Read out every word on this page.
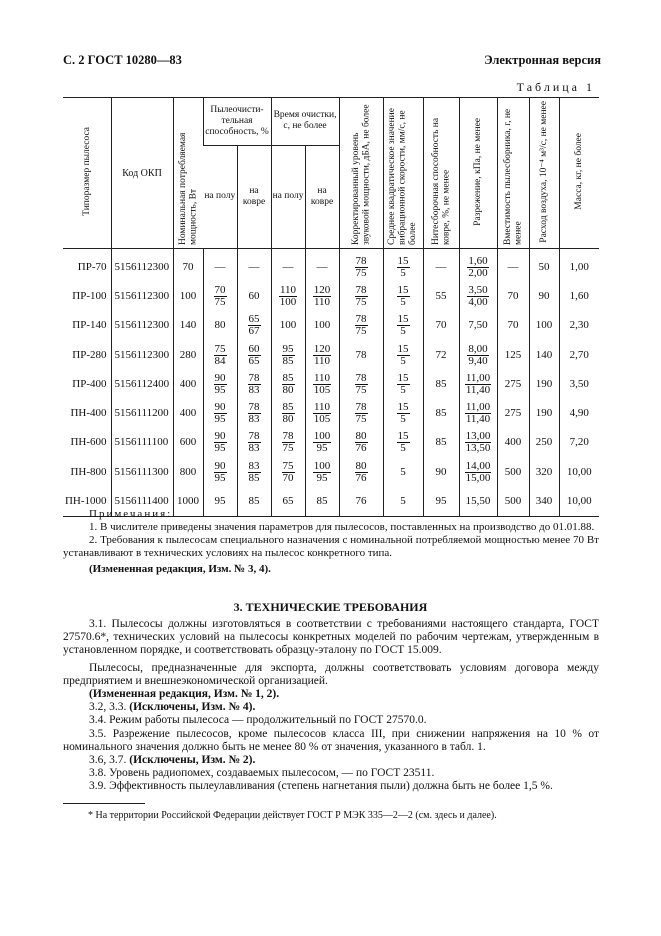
С. 2 ГОСТ 10280—83	Электронная версия
Таблица 1
Типоразмер пылесоса	Код ОКП	Номинальная потребляемая мощность, Вт	Пылеочисти-тельная способность, %		Время очистки, с, не более		Корректированный уровень звуковой мощности, дБА, не более	Среднее квадратическое значение вибрационной скорости, мм/с, не более	Нитесборочная способность на ковре, %, не менее	Разрежение, кПа, не менее	Вместимость пылесборника, г, не менее	Расход воздуха, 10⁻⁴ м³/с, не менее	Масса, кг, не более
			на полу	на ковре	на полу	на ковре							
ПР-70	5156112300	70	—	—	—	—	$\frac{78}{75}$	$\frac{15}{5}$	—	$\frac{1,60}{2,00}$	—	50	1,00
ПР-100	5156112300	100	$\frac{70}{75}$	60	$\frac{110}{100}$	$\frac{120}{110}$	$\frac{78}{75}$	$\frac{15}{5}$	55	$\frac{3,50}{4,00}$	70	90	1,60
ПР-140	5156112300	140	80	$\frac{65}{67}$	100	100	$\frac{78}{75}$	$\frac{15}{5}$	70	7,50	70	100	2,30
ПР-280	5156112300	280	$\frac{75}{84}$	$\frac{60}{65}$	$\frac{95}{85}$	$\frac{120}{110}$	78	$\frac{15}{5}$	72	$\frac{8,00}{9,40}$	125	140	2,70
ПР-400	5156112400	400	$\frac{90}{95}$	$\frac{78}{83}$	$\frac{85}{80}$	$\frac{110}{105}$	$\frac{78}{75}$	$\frac{15}{5}$	85	$\frac{11,00}{11,40}$	275	190	3,50
ПН-400	5156111200	400	$\frac{90}{95}$	$\frac{78}{83}$	$\frac{85}{80}$	$\frac{110}{105}$	$\frac{78}{75}$	$\frac{15}{5}$	85	$\frac{11,00}{11,40}$	275	190	4,90
ПН-600	5156111100	600	$\frac{90}{95}$	$\frac{78}{83}$	$\frac{78}{75}$	$\frac{100}{95}$	$\frac{80}{76}$	$\frac{15}{5}$	85	$\frac{13,00}{13,50}$	400	250	7,20
ПН-800	5156111300	800	$\frac{90}{95}$	$\frac{83}{85}$	$\frac{75}{70}$	$\frac{100}{95}$	$\frac{80}{76}$	5	90	$\frac{14,00}{15,00}$	500	320	10,00
ПН-1000	5156111400	1000	95	85	65	85	76	5	95	15,50	500	340	10,00
Примечания:

1. В числителе приведены значения параметров для пылесосов, поставленных на производство до 01.01.88.

2. Требования к пылесосам специального назначения с номинальной потребляемой мощностью менее 70 Вт устанавливают в технических условиях на пылесос конкретного типа.

(Измененная редакция, Изм. № 3, 4).

3. ТЕХНИЧЕСКИЕ ТРЕБОВАНИЯ

3.1. Пылесосы должны изготовляться в соответствии с требованиями настоящего стандарта, ГОСТ 27570.6*, технических условий на пылесосы конкретных моделей по рабочим чертежам, утвержденным в установленном порядке, и соответствовать образцу-эталону по ГОСТ 15.009.

Пылесосы, предназначенные для экспорта, должны соответствовать условиям договора между предприятием и внешнеэкономической организацией.

(Измененная редакция, Изм. № 1, 2).

3.2, 3.3. (Исключены, Изм. № 4).

3.4. Режим работы пылесоса — продолжительный по ГОСТ 27570.0.

3.5. Разрежение пылесосов, кроме пылесосов класса III, при снижении напряжения на 10 % от номинального значения должно быть не менее 80 % от значения, указанного в табл. 1.

3.6, 3.7. (Исключены, Изм. № 2).

3.8. Уровень радиопомех, создаваемых пылесосом, — по ГОСТ 23511.

3.9. Эффективность пылеулавливания (степень нагнетания пыли) должна быть не более 1,5 %.

* На территории Российской Федерации действует ГОСТ Р МЭК 335—2—2 (см. здесь и далее).
